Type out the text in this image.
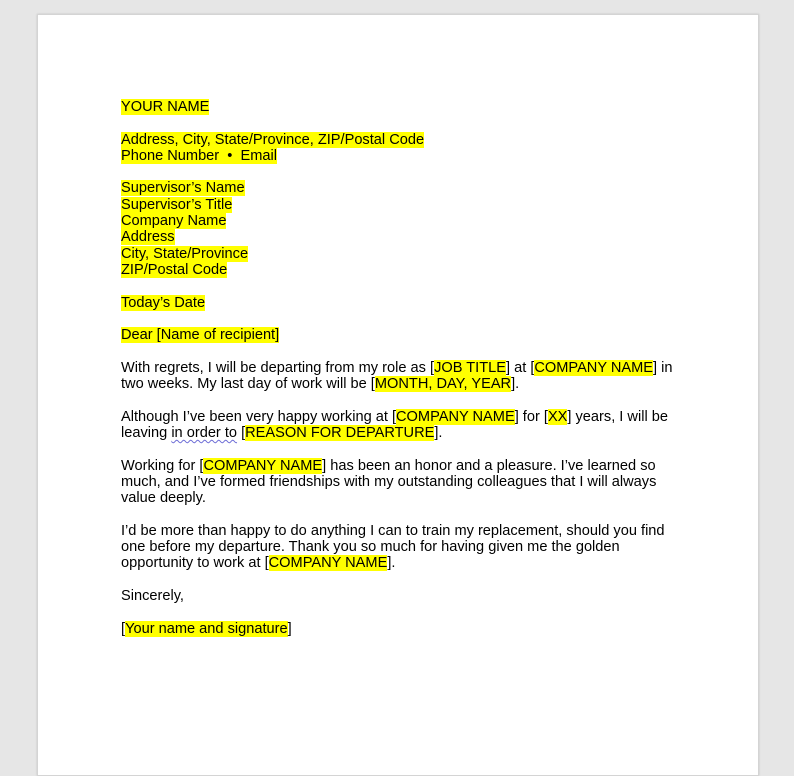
YOUR NAME

Address, City, State/Province, ZIP/Postal Code
Phone Number • Email

Supervisor’s Name
Supervisor’s Title
Company Name
Address
City, State/Province
ZIP/Postal Code

Today’s Date

Dear [Name of recipient]

With regrets, I will be departing from my role as [JOB TITLE] at [COMPANY NAME] in two weeks. My last day of work will be [MONTH, DAY, YEAR].

Although I’ve been very happy working at [COMPANY NAME] for [XX] years, I will be leaving in order to [REASON FOR DEPARTURE].

Working for [COMPANY NAME] has been an honor and a pleasure. I’ve learned so much, and I’ve formed friendships with my outstanding colleagues that I will always value deeply.

I’d be more than happy to do anything I can to train my replacement, should you find one before my departure. Thank you so much for having given me the golden opportunity to work at [COMPANY NAME].

Sincerely,

[Your name and signature]
